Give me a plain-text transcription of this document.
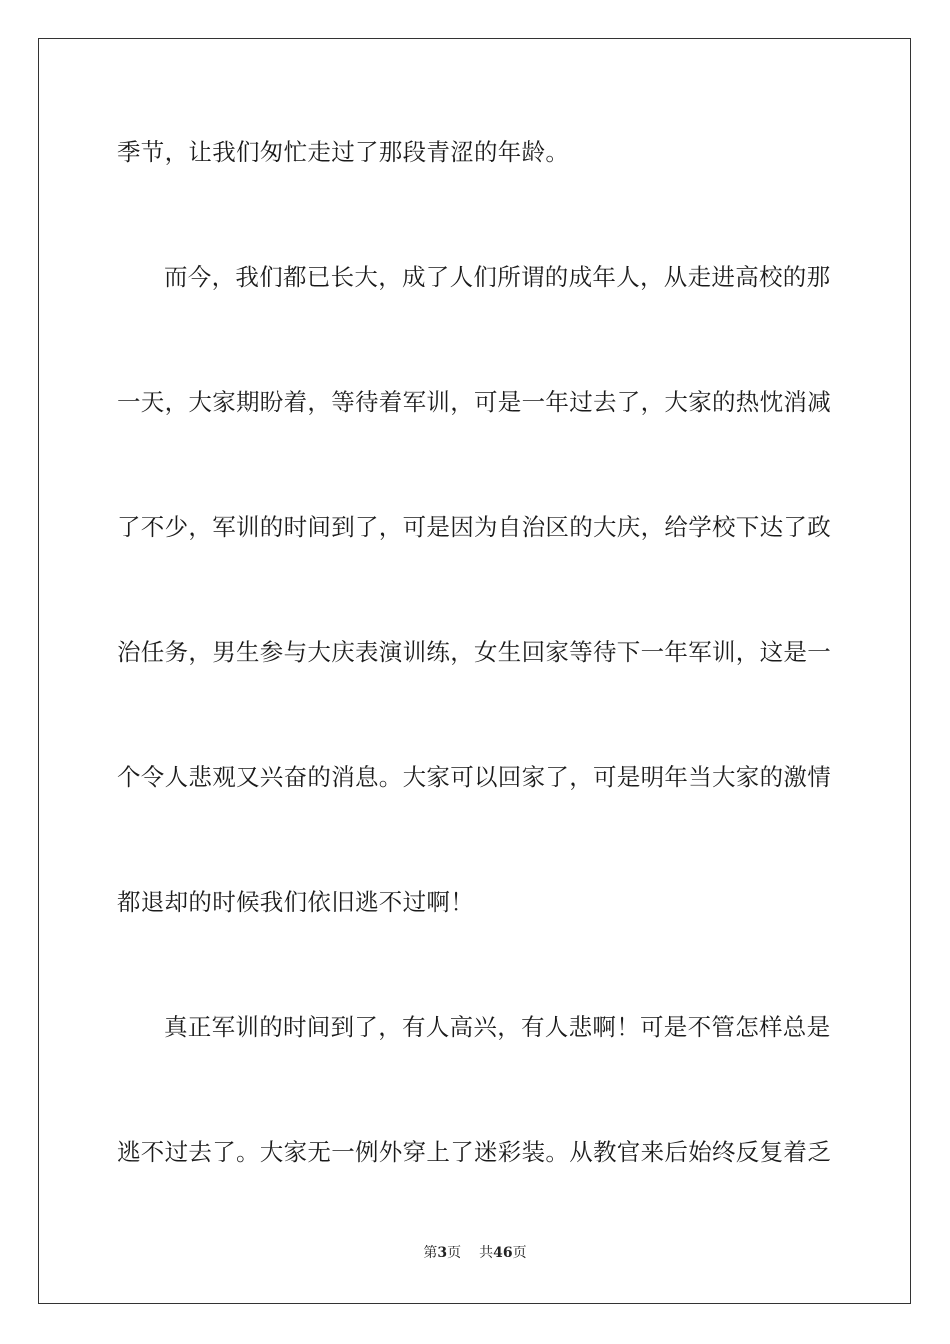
季节，让我们匆忙走过了那段青涩的年龄。
而今，我们都已长大，成了人们所谓的成年人，从走进高校的那
一天，大家期盼着，等待着军训，可是一年过去了，大家的热忱消减
了不少，军训的时间到了，可是因为自治区的大庆，给学校下达了政
治任务，男生参与大庆表演训练，女生回家等待下一年军训，这是一
个令人悲观又兴奋的消息。大家可以回家了，可是明年当大家的激情
都退却的时候我们依旧逃不过啊！
真正军训的时间到了，有人高兴，有人悲啊！可是不管怎样总是
逃不过去了。大家无一例外穿上了迷彩装。从教官来后始终反复着乏
第3页 共46页
